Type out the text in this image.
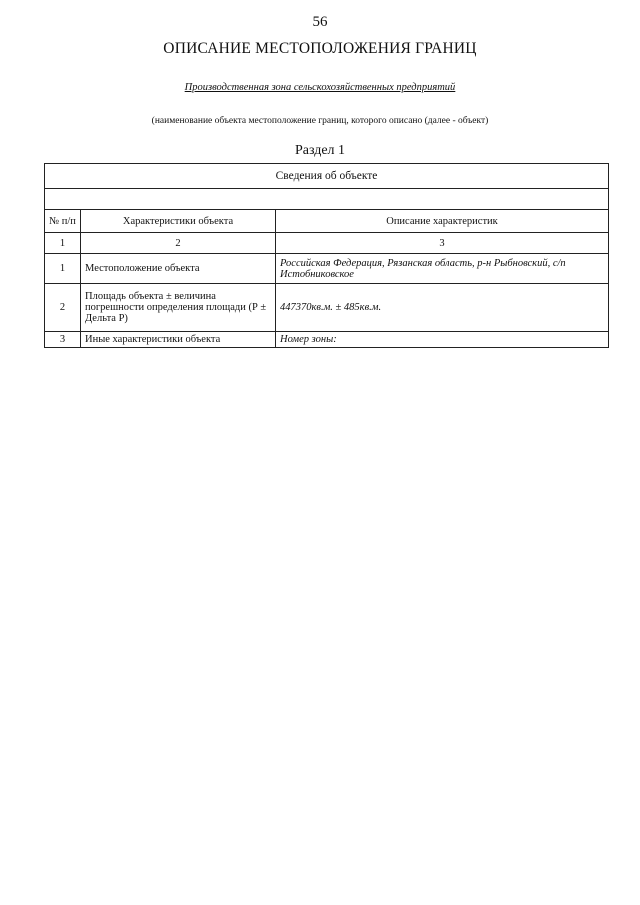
56
ОПИСАНИЕ МЕСТОПОЛОЖЕНИЯ ГРАНИЦ
Производственная зона сельскохозяйственных предприятий
(наименование объекта местоположение границ, которого описано (далее - объект)
Раздел 1
Сведения об объекте		

№ п/п	Характеристики объекта	Описание характеристик
1	2	3
1	Местоположение объекта	Российская Федерация, Рязанская область, р-н Рыбновский, с/п Истобниковское
2	Площадь объекта ± величина погрешности определения площади (Р ± Дельта Р)	447370кв.м. ± 485кв.м.
3	Иные характеристики объекта	Номер зоны:
